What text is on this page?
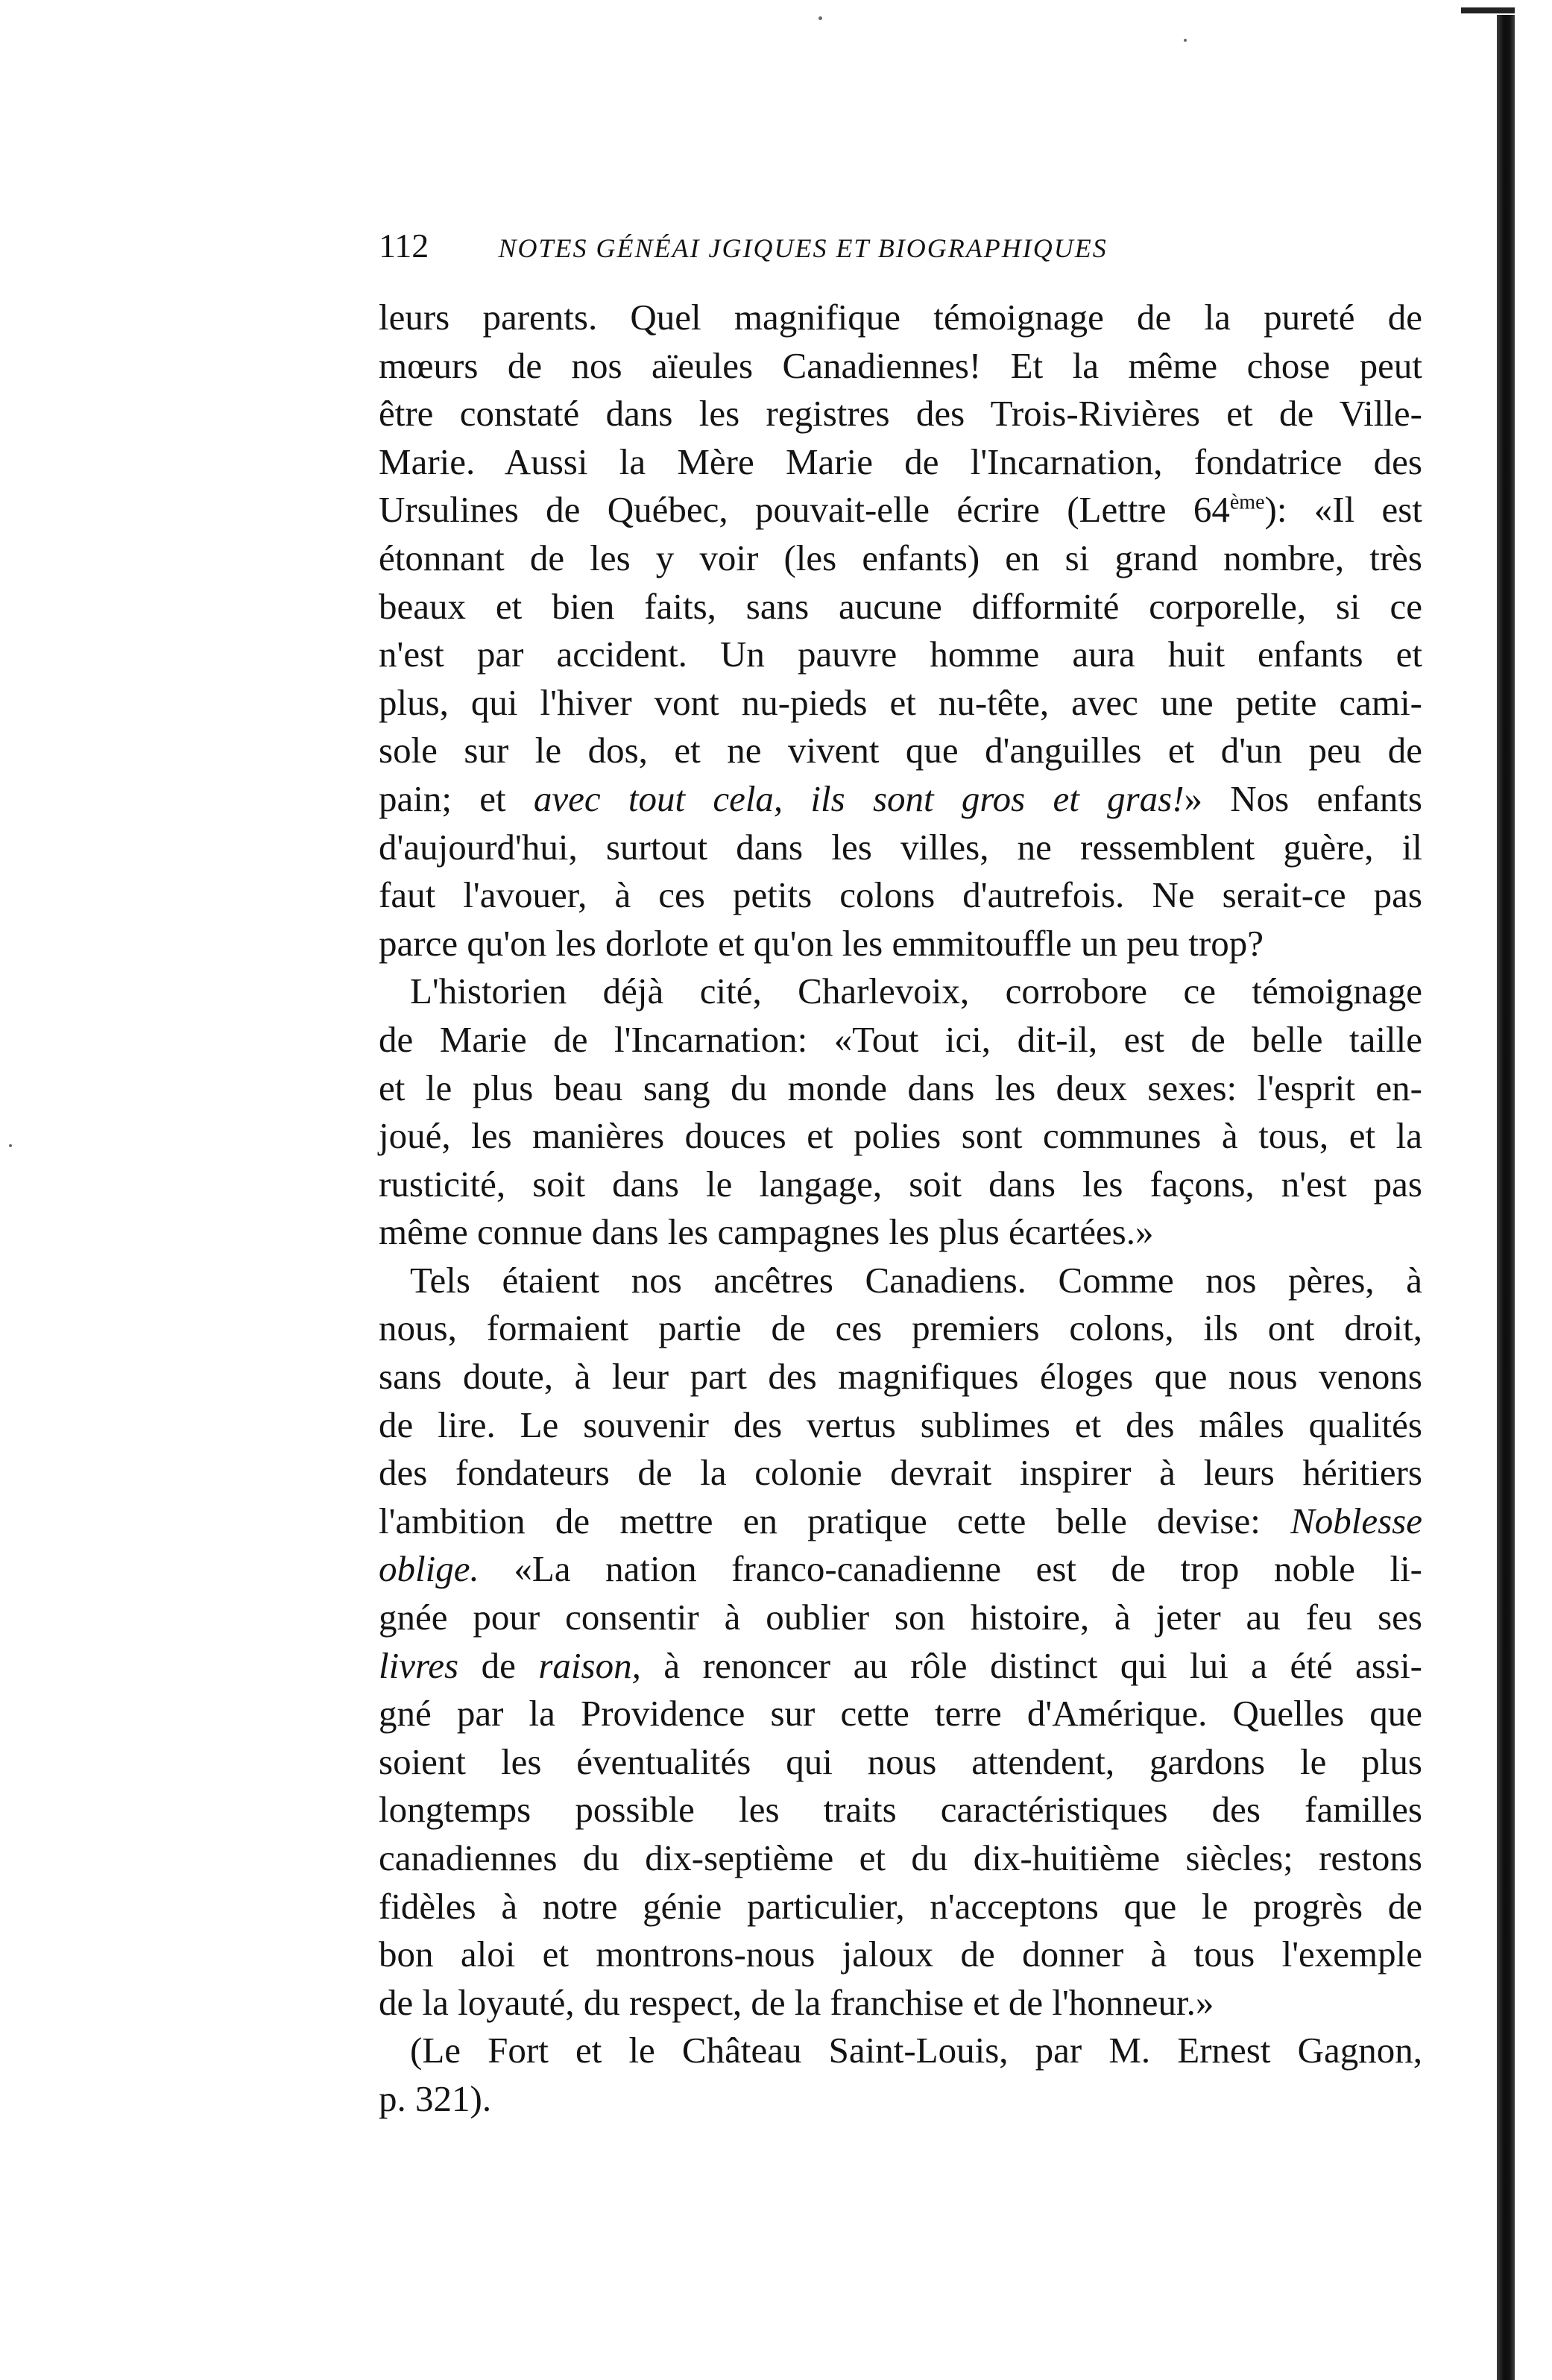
112	NOTES GÉNÉAI JGIQUES ET BIOGRAPHIQUES
leurs parents. Quel magnifique témoignage de la pureté de
mœurs de nos aïeules Canadiennes! Et la même chose peut
être constaté dans les registres des Trois-Rivières et de Ville-
Marie. Aussi la Mère Marie de l'Incarnation, fondatrice des
Ursulines de Québec, pouvait-elle écrire (Lettre 64ème): «Il est
étonnant de les y voir (les enfants) en si grand nombre, très
beaux et bien faits, sans aucune difformité corporelle, si ce
n'est par accident. Un pauvre homme aura huit enfants et
plus, qui l'hiver vont nu-pieds et nu-tête, avec une petite cami-
sole sur le dos, et ne vivent que d'anguilles et d'un peu de
pain; et avec tout cela, ils sont gros et gras!» Nos enfants
d'aujourd'hui, surtout dans les villes, ne ressemblent guère, il
faut l'avouer, à ces petits colons d'autrefois. Ne serait-ce pas
parce qu'on les dorlote et qu'on les emmitouffle un peu trop?
L'historien déjà cité, Charlevoix, corrobore ce témoignage
de Marie de l'Incarnation: «Tout ici, dit-il, est de belle taille
et le plus beau sang du monde dans les deux sexes: l'esprit en-
joué, les manières douces et polies sont communes à tous, et la
rusticité, soit dans le langage, soit dans les façons, n'est pas
même connue dans les campagnes les plus écartées.»
Tels étaient nos ancêtres Canadiens. Comme nos pères, à
nous, formaient partie de ces premiers colons, ils ont droit,
sans doute, à leur part des magnifiques éloges que nous venons
de lire. Le souvenir des vertus sublimes et des mâles qualités
des fondateurs de la colonie devrait inspirer à leurs héritiers
l'ambition de mettre en pratique cette belle devise: Noblesse
oblige. «La nation franco-canadienne est de trop noble li-
gnée pour consentir à oublier son histoire, à jeter au feu ses
livres de raison, à renoncer au rôle distinct qui lui a été assi-
gné par la Providence sur cette terre d'Amérique. Quelles que
soient les éventualités qui nous attendent, gardons le plus
longtemps possible les traits caractéristiques des familles
canadiennes du dix-septième et du dix-huitième siècles; restons
fidèles à notre génie particulier, n'acceptons que le progrès de
bon aloi et montrons-nous jaloux de donner à tous l'exemple
de la loyauté, du respect, de la franchise et de l'honneur.»
(Le Fort et le Château Saint-Louis, par M. Ernest Gagnon,
p. 321).
